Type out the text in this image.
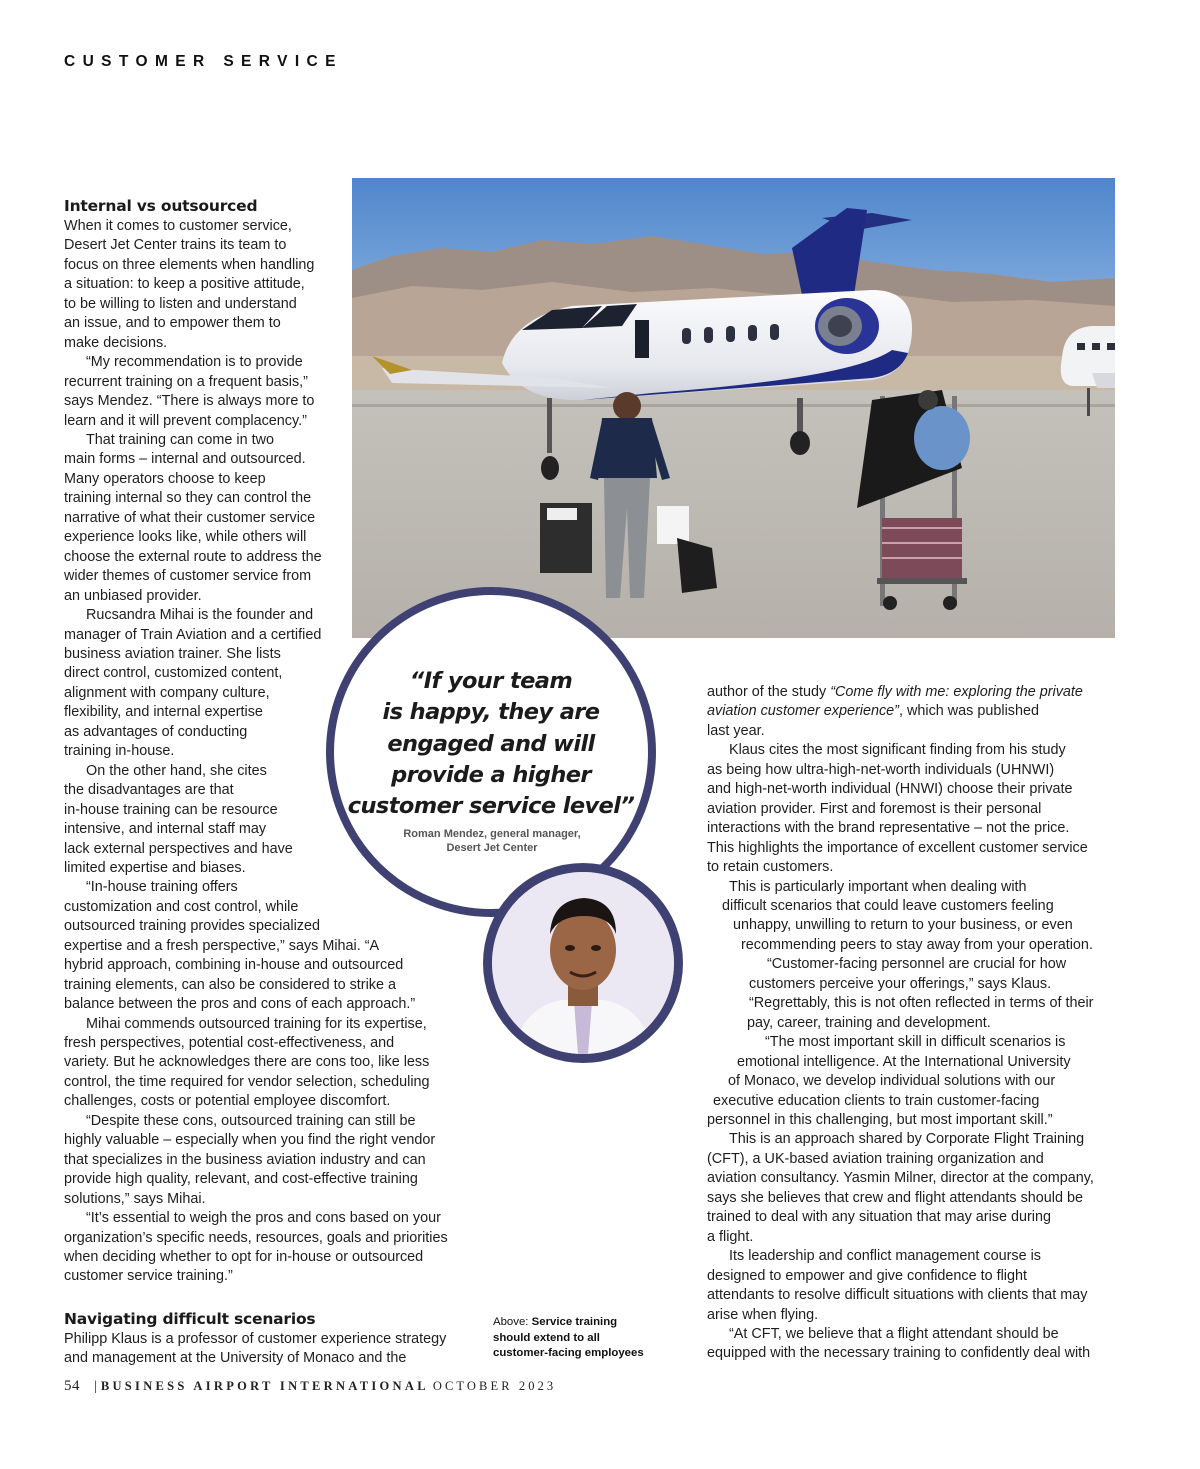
CUSTOMER SERVICE
Internal vs outsourced

When it comes to customer service,

Desert Jet Center trains its team to

focus on three elements when handling

a situation: to keep a positive attitude,

to be willing to listen and understand

an issue, and to empower them to

make decisions.

“My recommendation is to provide

recurrent training on a frequent basis,”

says Mendez. “There is always more to

learn and it will prevent complacency.”

That training can come in two

main forms – internal and outsourced.

Many operators choose to keep

training internal so they can control the

narrative of what their customer service

experience looks like, while others will

choose the external route to address the

wider themes of customer service from

an unbiased provider.

Rucsandra Mihai is the founder and

manager of Train Aviation and a certified

business aviation trainer. She lists

direct control, customized content,

alignment with company culture,

flexibility, and internal expertise

as advantages of conducting

training in-house.

On the other hand, she cites

the disadvantages are that

in-house training can be resource

intensive, and internal staff may

lack external perspectives and have

limited expertise and biases.

“In-house training offers

customization and cost control, while

outsourced training provides specialized

expertise and a fresh perspective,” says Mihai. “A

hybrid approach, combining in-house and outsourced

training elements, can also be considered to strike a

balance between the pros and cons of each approach.”

Mihai commends outsourced training for its expertise,

fresh perspectives, potential cost-effectiveness, and

variety. But he acknowledges there are cons too, like less

control, the time required for vendor selection, scheduling

challenges, costs or potential employee discomfort.

“Despite these cons, outsourced training can still be

highly valuable – especially when you find the right vendor

that specializes in the business aviation industry and can

provide high quality, relevant, and cost-effective training

solutions,” says Mihai.

“It’s essential to weigh the pros and cons based on your

organization’s specific needs, resources, goals and priorities

when deciding whether to opt for in-house or outsourced

customer service training.”

Navigating difficult scenarios

Philipp Klaus is a professor of customer experience strategy

and management at the University of Monaco and the

“If your team
is happy, they are
engaged and will
provide a higher
customer service level”
Roman Mendez, general manager,
Desert Jet Center

author of the study “Come fly with me: exploring the private

aviation customer experience”, which was published

last year.

Klaus cites the most significant finding from his study

as being how ultra-high-net-worth individuals (UHNWI)

and high-net-worth individual (HNWI) choose their private

aviation provider. First and foremost is their personal

interactions with the brand representative – not the price.

This highlights the importance of excellent customer service

to retain customers.

This is particularly important when dealing with

difficult scenarios that could leave customers feeling

unhappy, unwilling to return to your business, or even

recommending peers to stay away from your operation.

“Customer-facing personnel are crucial for how

customers perceive your offerings,” says Klaus.

“Regrettably, this is not often reflected in terms of their

pay, career, training and development.

“The most important skill in difficult scenarios is

emotional intelligence. At the International University

of Monaco, we develop individual solutions with our

executive education clients to train customer-facing

personnel in this challenging, but most important skill.”

This is an approach shared by Corporate Flight Training

(CFT), a UK-based aviation training organization and

aviation consultancy. Yasmin Milner, director at the company,

says she believes that crew and flight attendants should be

trained to deal with any situation that may arise during

a flight.

Its leadership and conflict management course is

designed to empower and give confidence to flight

attendants to resolve difficult situations with clients that may

arise when flying.

“At CFT, we believe that a flight attendant should be

equipped with the necessary training to confidently deal with

Above: Service training
should extend to all
customer-facing employees
54 | BUSINESS AIRPORT INTERNATIONAL OCTOBER 2023
